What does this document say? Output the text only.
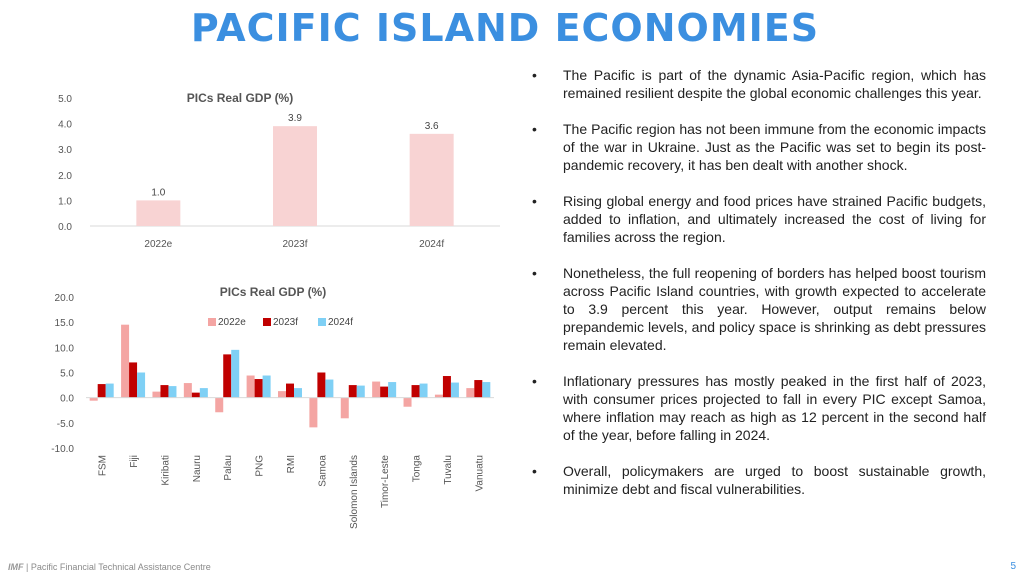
PACIFIC ISLAND ECONOMIES
PICs Real GDP (%)
0.0
1.0
2.0
3.0
4.0
5.0
1.0
2022e
3.9
2023f
3.6
2024f
PICs Real GDP (%)
-10.0
-5.0
0.0
5.0
10.0
15.0
20.0
2022e	2023f	2024f
FSM Fiji Kiribati Nauru Palau PNG RMI Samoa Solomon Islands Timor-Leste Tonga Tuvalu Vanuatu
• The Pacific is part of the dynamic Asia-Pacific region, which has remained resilient despite the global economic challenges this year.
• The Pacific region has not been immune from the economic impacts of the war in Ukraine. Just as the Pacific was set to begin its post-pandemic recovery, it has ben dealt with another shock.
• Rising global energy and food prices have strained Pacific budgets, added to inflation, and ultimately increased the cost of living for families across the region.
• Nonetheless, the full reopening of borders has helped boost tourism across Pacific Island countries, with growth expected to accelerate to 3.9 percent this year. However, output remains below prepandemic levels, and policy space is shrinking as debt pressures remain elevated.
• Inflationary pressures has mostly peaked in the first half of 2023, with consumer prices projected to fall in every PIC except Samoa, where inflation may reach as high as 12 percent in the second half of the year, before falling in 2024.
• Overall, policymakers are urged to boost sustainable growth, minimize debt and fiscal vulnerabilities.
IMF | Pacific Financial Technical Assistance Centre	5
